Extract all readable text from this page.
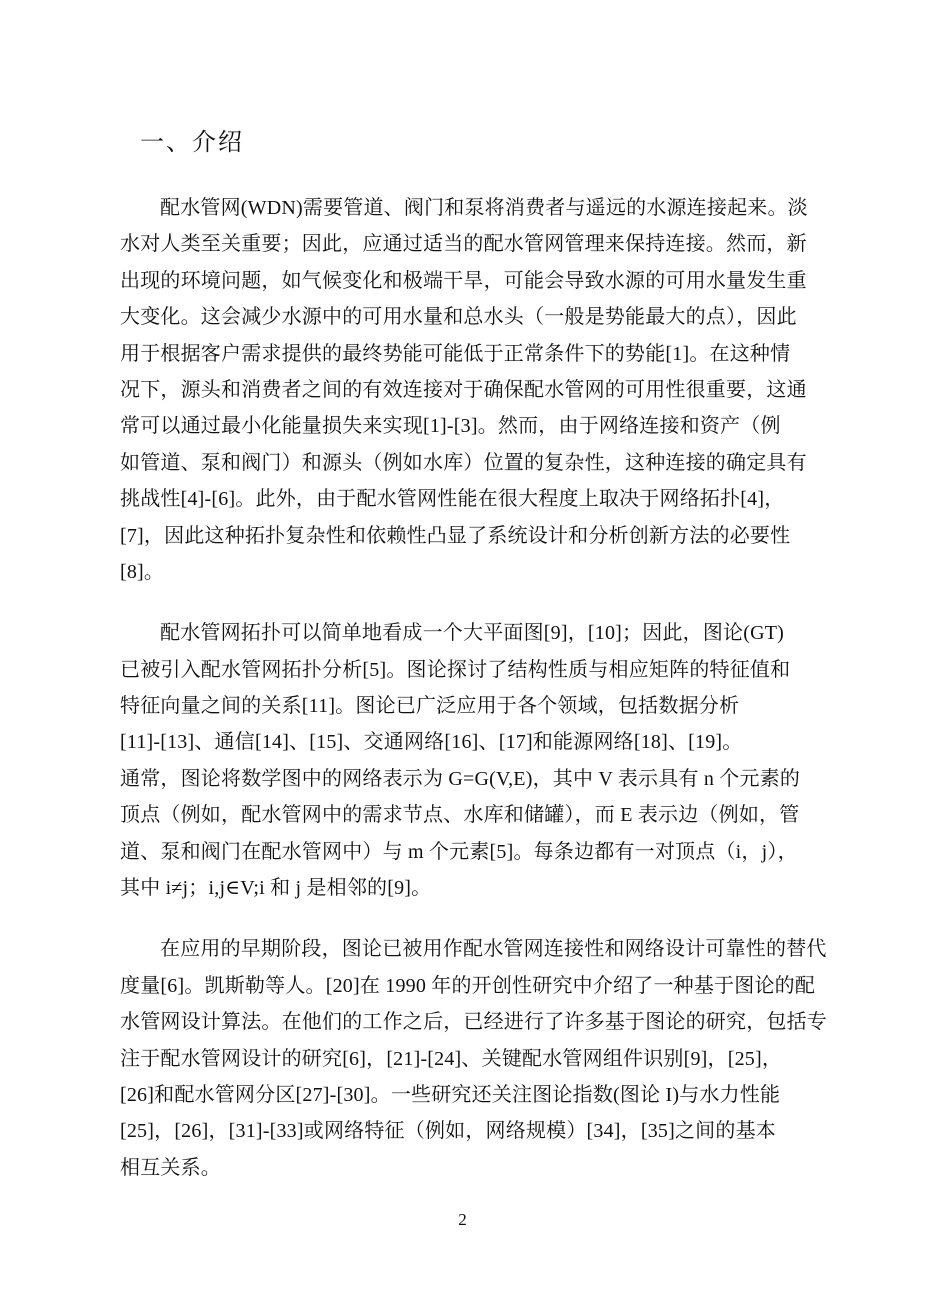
一、介绍
配水管网(WDN)需要管道、阀门和泵将消费者与遥远的水源连接起来。淡
水对人类至关重要；因此，应通过适当的配水管网管理来保持连接。然而，新
出现的环境问题，如气候变化和极端干旱，可能会导致水源的可用水量发生重
大变化。这会减少水源中的可用水量和总水头（一般是势能最大的点），因此
用于根据客户需求提供的最终势能可能低于正常条件下的势能[1]。在这种情
况下，源头和消费者之间的有效连接对于确保配水管网的可用性很重要，这通
常可以通过最小化能量损失来实现[1]-[3]。然而，由于网络连接和资产（例
如管道、泵和阀门）和源头（例如水库）位置的复杂性，这种连接的确定具有
挑战性[4]-[6]。此外，由于配水管网性能在很大程度上取决于网络拓扑[4]，
[7]，因此这种拓扑复杂性和依赖性凸显了系统设计和分析创新方法的必要性
[8]。
配水管网拓扑可以简单地看成一个大平面图[9]，[10]；因此，图论(GT)
已被引入配水管网拓扑分析[5]。图论探讨了结构性质与相应矩阵的特征值和
特征向量之间的关系[11]。图论已广泛应用于各个领域，包括数据分析
[11]-[13]、通信[14]、[15]、交通网络[16]、[17]和能源网络[18]、[19]。
通常，图论将数学图中的网络表示为 G=G(V,E)，其中 V 表示具有 n 个元素的
顶点（例如，配水管网中的需求节点、水库和储罐），而 E 表示边（例如，管
道、泵和阀门在配水管网中）与 m 个元素[5]。每条边都有一对顶点（i，j），
其中 i≠j；i,j∈V;i 和 j 是相邻的[9]。
在应用的早期阶段，图论已被用作配水管网连接性和网络设计可靠性的替代
度量[6]。凯斯勒等人。[20]在 1990 年的开创性研究中介绍了一种基于图论的配
水管网设计算法。在他们的工作之后，已经进行了许多基于图论的研究，包括专
注于配水管网设计的研究[6]，[21]-[24]、关键配水管网组件识别[9]，[25]，
[26]和配水管网分区[27]-[30]。一些研究还关注图论指数(图论 I)与水力性能
[25]，[26]，[31]-[33]或网络特征（例如，网络规模）[34]，[35]之间的基本
相互关系。
2
